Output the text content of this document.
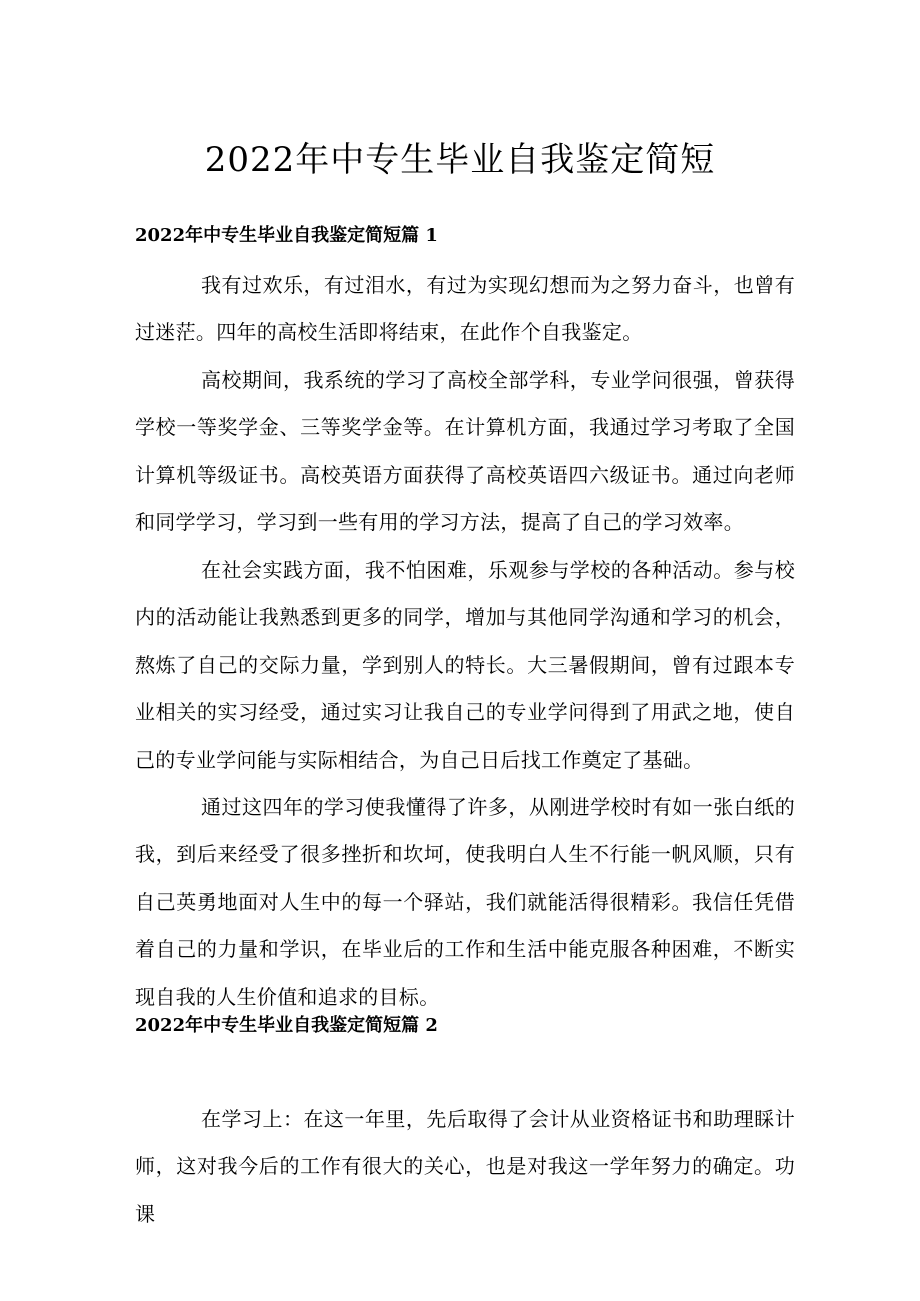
2022年中专生毕业自我鉴定简短
2022年中专生毕业自我鉴定简短篇 1

我有过欢乐，有过泪水，有过为实现幻想而为之努力奋斗，也曾有过迷茫。四年的高校生活即将结束，在此作个自我鉴定。

高校期间，我系统的学习了高校全部学科，专业学问很强，曾获得学校一等奖学金、三等奖学金等。在计算机方面，我通过学习考取了全国计算机等级证书。高校英语方面获得了高校英语四六级证书。通过向老师和同学学习，学习到一些有用的学习方法，提高了自己的学习效率。

在社会实践方面，我不怕困难，乐观参与学校的各种活动。参与校内的活动能让我熟悉到更多的同学，增加与其他同学沟通和学习的机会，熬炼了自己的交际力量，学到别人的特长。大三暑假期间，曾有过跟本专业相关的实习经受，通过实习让我自己的专业学问得到了用武之地，使自己的专业学问能与实际相结合，为自己日后找工作奠定了基础。

通过这四年的学习使我懂得了许多，从刚进学校时有如一张白纸的我，到后来经受了很多挫折和坎坷，使我明白人生不行能一帆风顺，只有自己英勇地面对人生中的每一个驿站，我们就能活得很精彩。我信任凭借着自己的力量和学识，在毕业后的工作和生活中能克服各种困难，不断实现自我的人生价值和追求的目标。

2022年中专生毕业自我鉴定简短篇 2

在学习上：在这一年里，先后取得了会计从业资格证书和助理睬计师，这对我今后的工作有很大的关心，也是对我这一学年努力的确定。功课
